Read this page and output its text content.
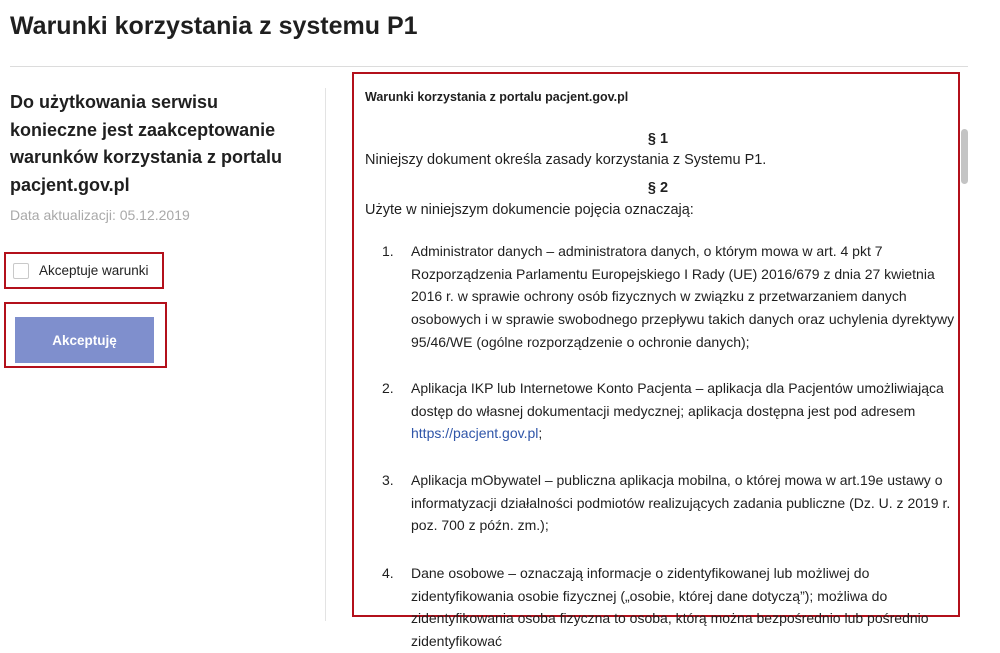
Warunki korzystania z systemu P1
Do użytkowania serwisu konieczne jest zaakceptowanie warunków korzystania z portalu pacjent.gov.pl
Data aktualizacji: 05.12.2019
Akceptuje warunki
Akceptuję
Warunki korzystania z portalu pacjent.gov.pl
§ 1
Niniejszy dokument określa zasady korzystania z Systemu P1.
§ 2
Użyte w niniejszym dokumencie pojęcia oznaczają:
1.	Administrator danych – administratora danych, o którym mowa w art. 4 pkt 7 Rozporządzenia Parlamentu Europejskiego I Rady (UE) 2016/679 z dnia 27 kwietnia 2016 r. w sprawie ochrony osób fizycznych w związku z przetwarzaniem danych osobowych i w sprawie swobodnego przepływu takich danych oraz uchylenia dyrektywy 95/46/WE (ogólne rozporządzenie o ochronie danych);
2.	Aplikacja IKP lub Internetowe Konto Pacjenta – aplikacja dla Pacjentów umożliwiająca dostęp do własnej dokumentacji medycznej; aplikacja dostępna jest pod adresem https://pacjent.gov.pl;
3.	Aplikacja mObywatel – publiczna aplikacja mobilna, o której mowa w art.19e ustawy o informatyzacji działalności podmiotów realizujących zadania publiczne (Dz. U. z 2019 r. poz. 700 z późn. zm.);
4.	Dane osobowe – oznaczają informacje o zidentyfikowanej lub możliwej do zidentyfikowania osobie fizycznej („osobie, której dane dotyczą”); możliwa do zidentyfikowania osoba fizyczna to osoba, którą można bezpośrednio lub pośrednio zidentyfikować
